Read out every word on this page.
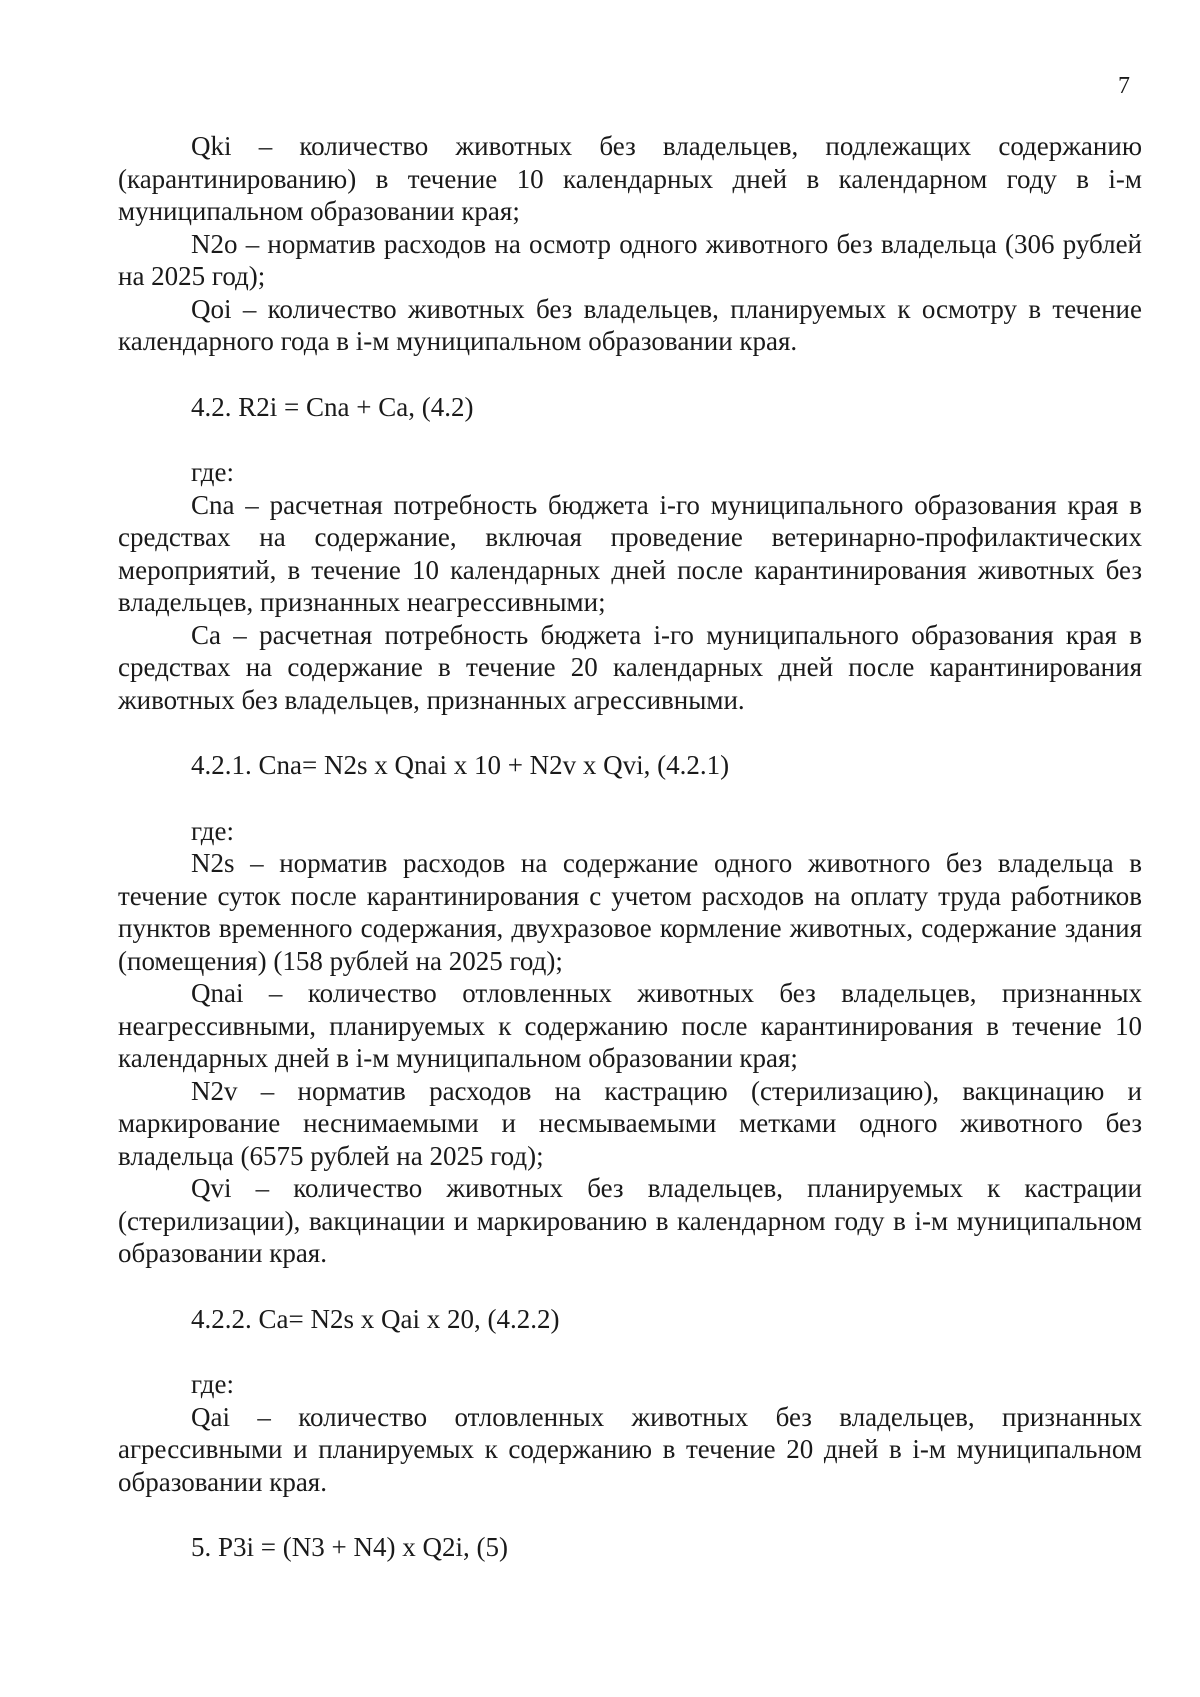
7

Qki – количество животных без владельцев, подлежащих содержанию (карантинированию) в течение 10 календарных дней в календарном году в i-м муниципальном образовании края;

N2o – норматив расходов на осмотр одного животного без владельца (306 рублей на 2025 год);

Qoi – количество животных без владельцев, планируемых к осмотру в течение календарного года в i-м муниципальном образовании края.

4.2. R2i = Cna + Ca, (4.2)

где:

Cna – расчетная потребность бюджета i-го муниципального образования края в средствах на содержание, включая проведение ветеринарно-профилактических мероприятий, в течение 10 календарных дней после карантинирования животных без владельцев, признанных неагрессивными;

Ca – расчетная потребность бюджета i-го муниципального образования края в средствах на содержание в течение 20 календарных дней после карантинирования животных без владельцев, признанных агрессивными.

4.2.1. Cna= N2s x Qnai x 10 + N2v x Qvi, (4.2.1)

где:

N2s – норматив расходов на содержание одного животного без владельца в течение суток после карантинирования с учетом расходов на оплату труда работников пунктов временного содержания, двухразовое кормление животных, содержание здания (помещения) (158 рублей на 2025 год);

Qnai – количество отловленных животных без владельцев, признанных неагрессивными, планируемых к содержанию после карантинирования в течение 10 календарных дней в i-м муниципальном образовании края;

N2v – норматив расходов на кастрацию (стерилизацию), вакцинацию и маркирование неснимаемыми и несмываемыми метками одного животного без владельца (6575 рублей на 2025 год);

Qvi – количество животных без владельцев, планируемых к кастрации (стерилизации), вакцинации и маркированию в календарном году в i-м муниципальном образовании края.

4.2.2. Ca= N2s x Qai x 20, (4.2.2)

где:

Qai – количество отловленных животных без владельцев, признанных агрессивными и планируемых к содержанию в течение 20 дней в i-м муниципальном образовании края.

5. P3i = (N3 + N4) x Q2i, (5)
